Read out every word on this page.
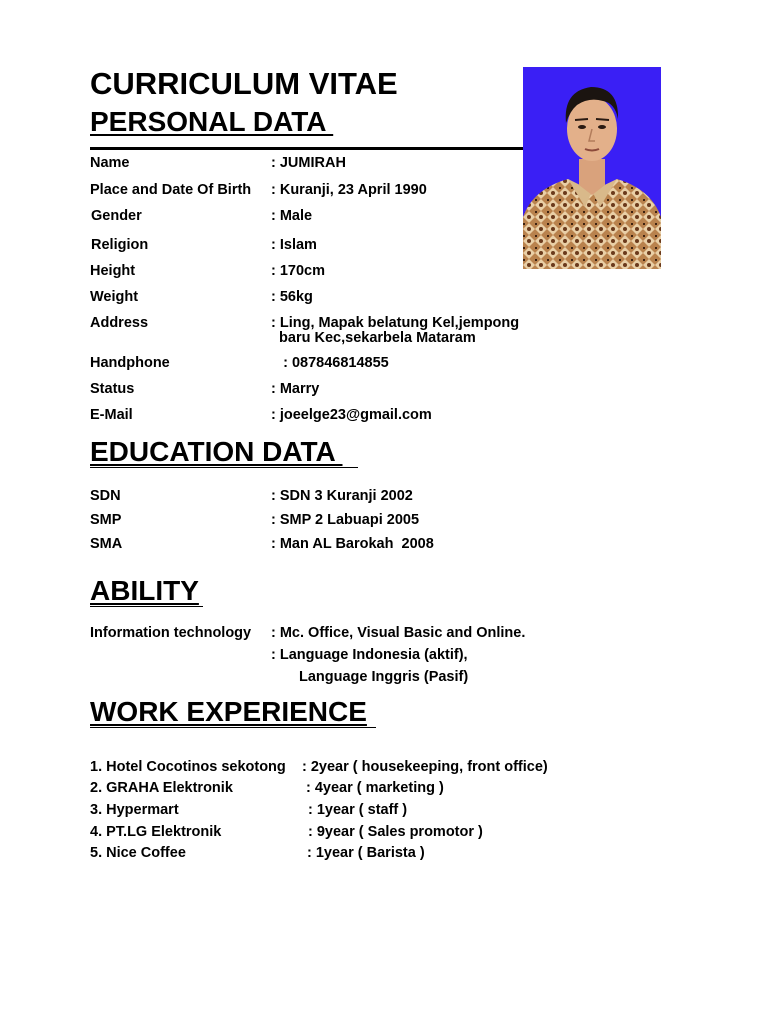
CURRICULUM VITAE
PERSONAL DATA
Name	: JUMIRAH
Place and Date Of Birth : Kuranji, 23 April 1990
Gender	: Male
Religion	: Islam
Height	: 170cm
Weight	: 56kg
Address	: Ling, Mapak belatung Kel,jempong
baru Kec,sekarbela Mataram
Handphone	: 087846814855
Status	: Marry
E-Mail	: joeelge23@gmail.com
EDUCATION DATA
SDN	: SDN 3 Kuranji 2002
SMP	: SMP 2 Labuapi 2005
SMA	: Man AL Barokah  2008
ABILITY
Information technology : Mc. Office, Visual Basic and Online.
: Language Indonesia (aktif),
Language Inggris (Pasif)
WORK EXPERIENCE
1. Hotel Cocotinos sekotong : 2year ( housekeeping, front office)
2. GRAHA Elektronik	: 4year ( marketing )
3. Hypermart	: 1year ( staff )
4. PT.LG Elektronik	: 9year ( Sales promotor )
5. Nice Coffee	: 1year ( Barista )
